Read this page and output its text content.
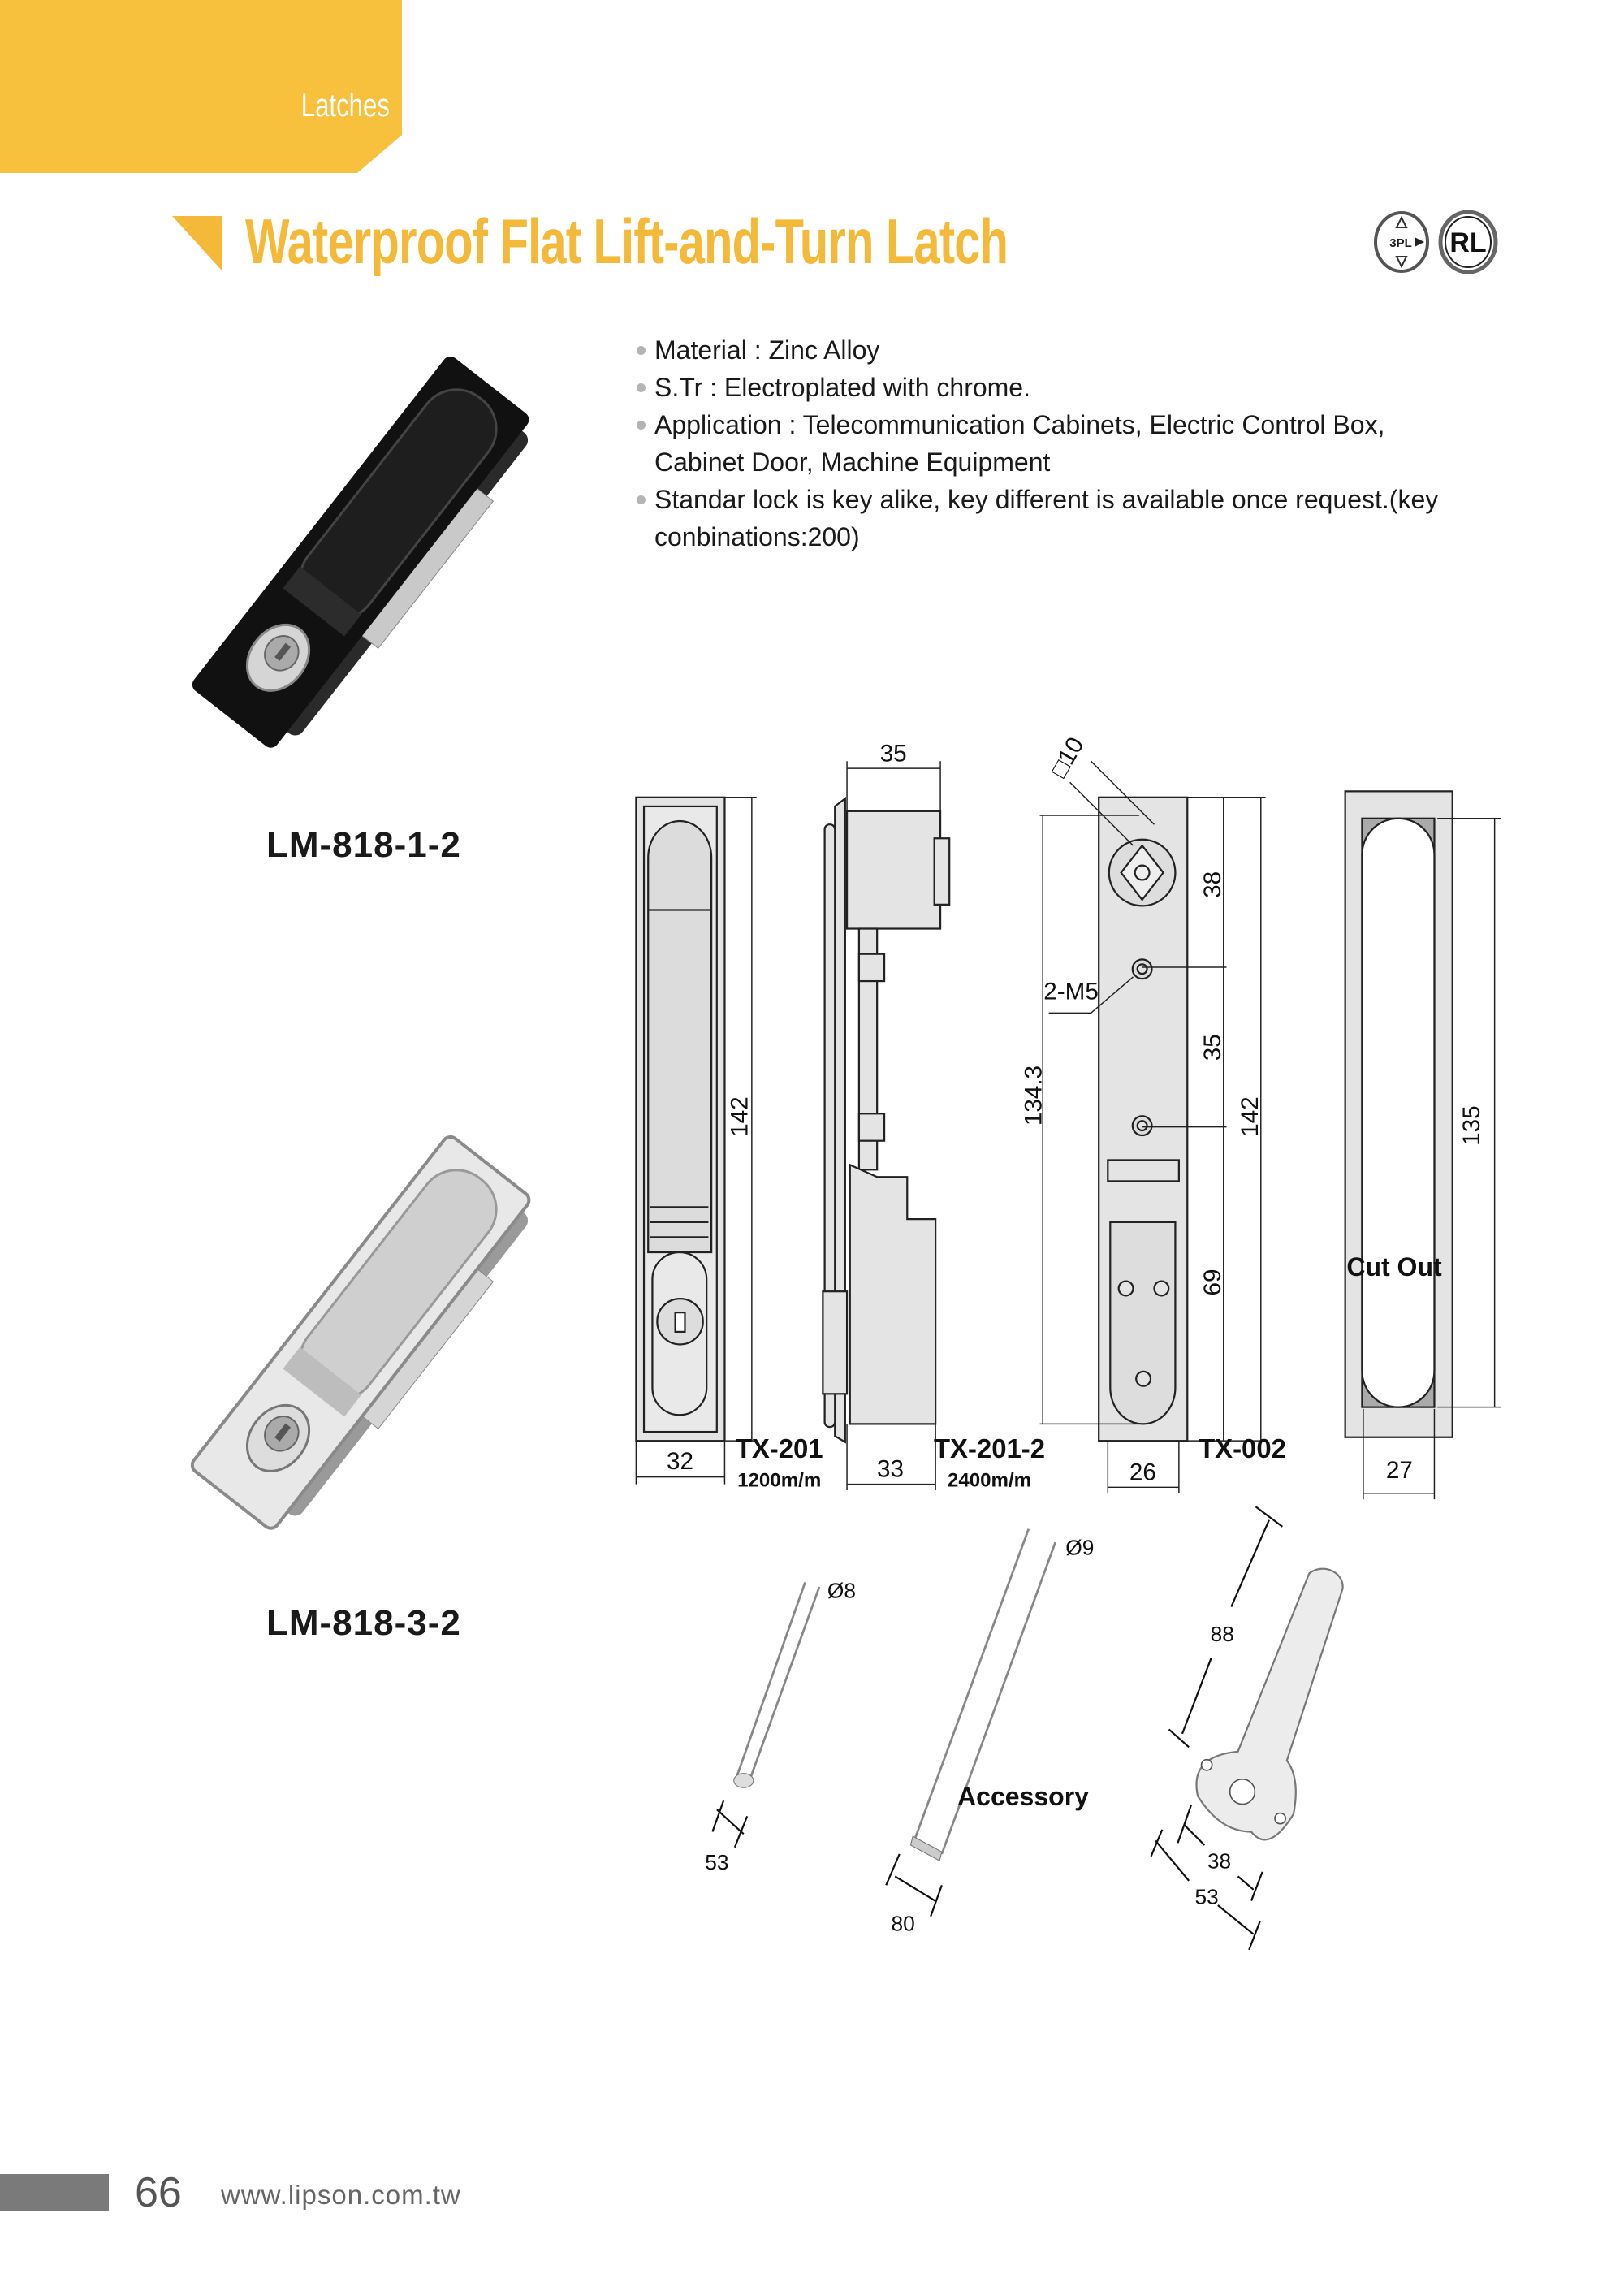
Latches
Waterproof Flat Lift-and-Turn Latch	3PL RL
Material : Zinc Alloy
S.Tr : Electroplated with chrome.
Application : Telecommunication Cabinets, Electric Control Box, Cabinet Door, Machine Equipment
Standar lock is key alike, key different is available once request.(key conbinations:200)
LM-818-1-2
LM-818-3-2
142
32
35
33
□10
2-M5
134.3
38
35
69
142
26
135
27
Cut Out
TX-201
1200m/m
Ø8
53
TX-201-2
2400m/m
Ø9
80
TX-002
88
38
53
Accessory
66 www.lipson.com.tw
